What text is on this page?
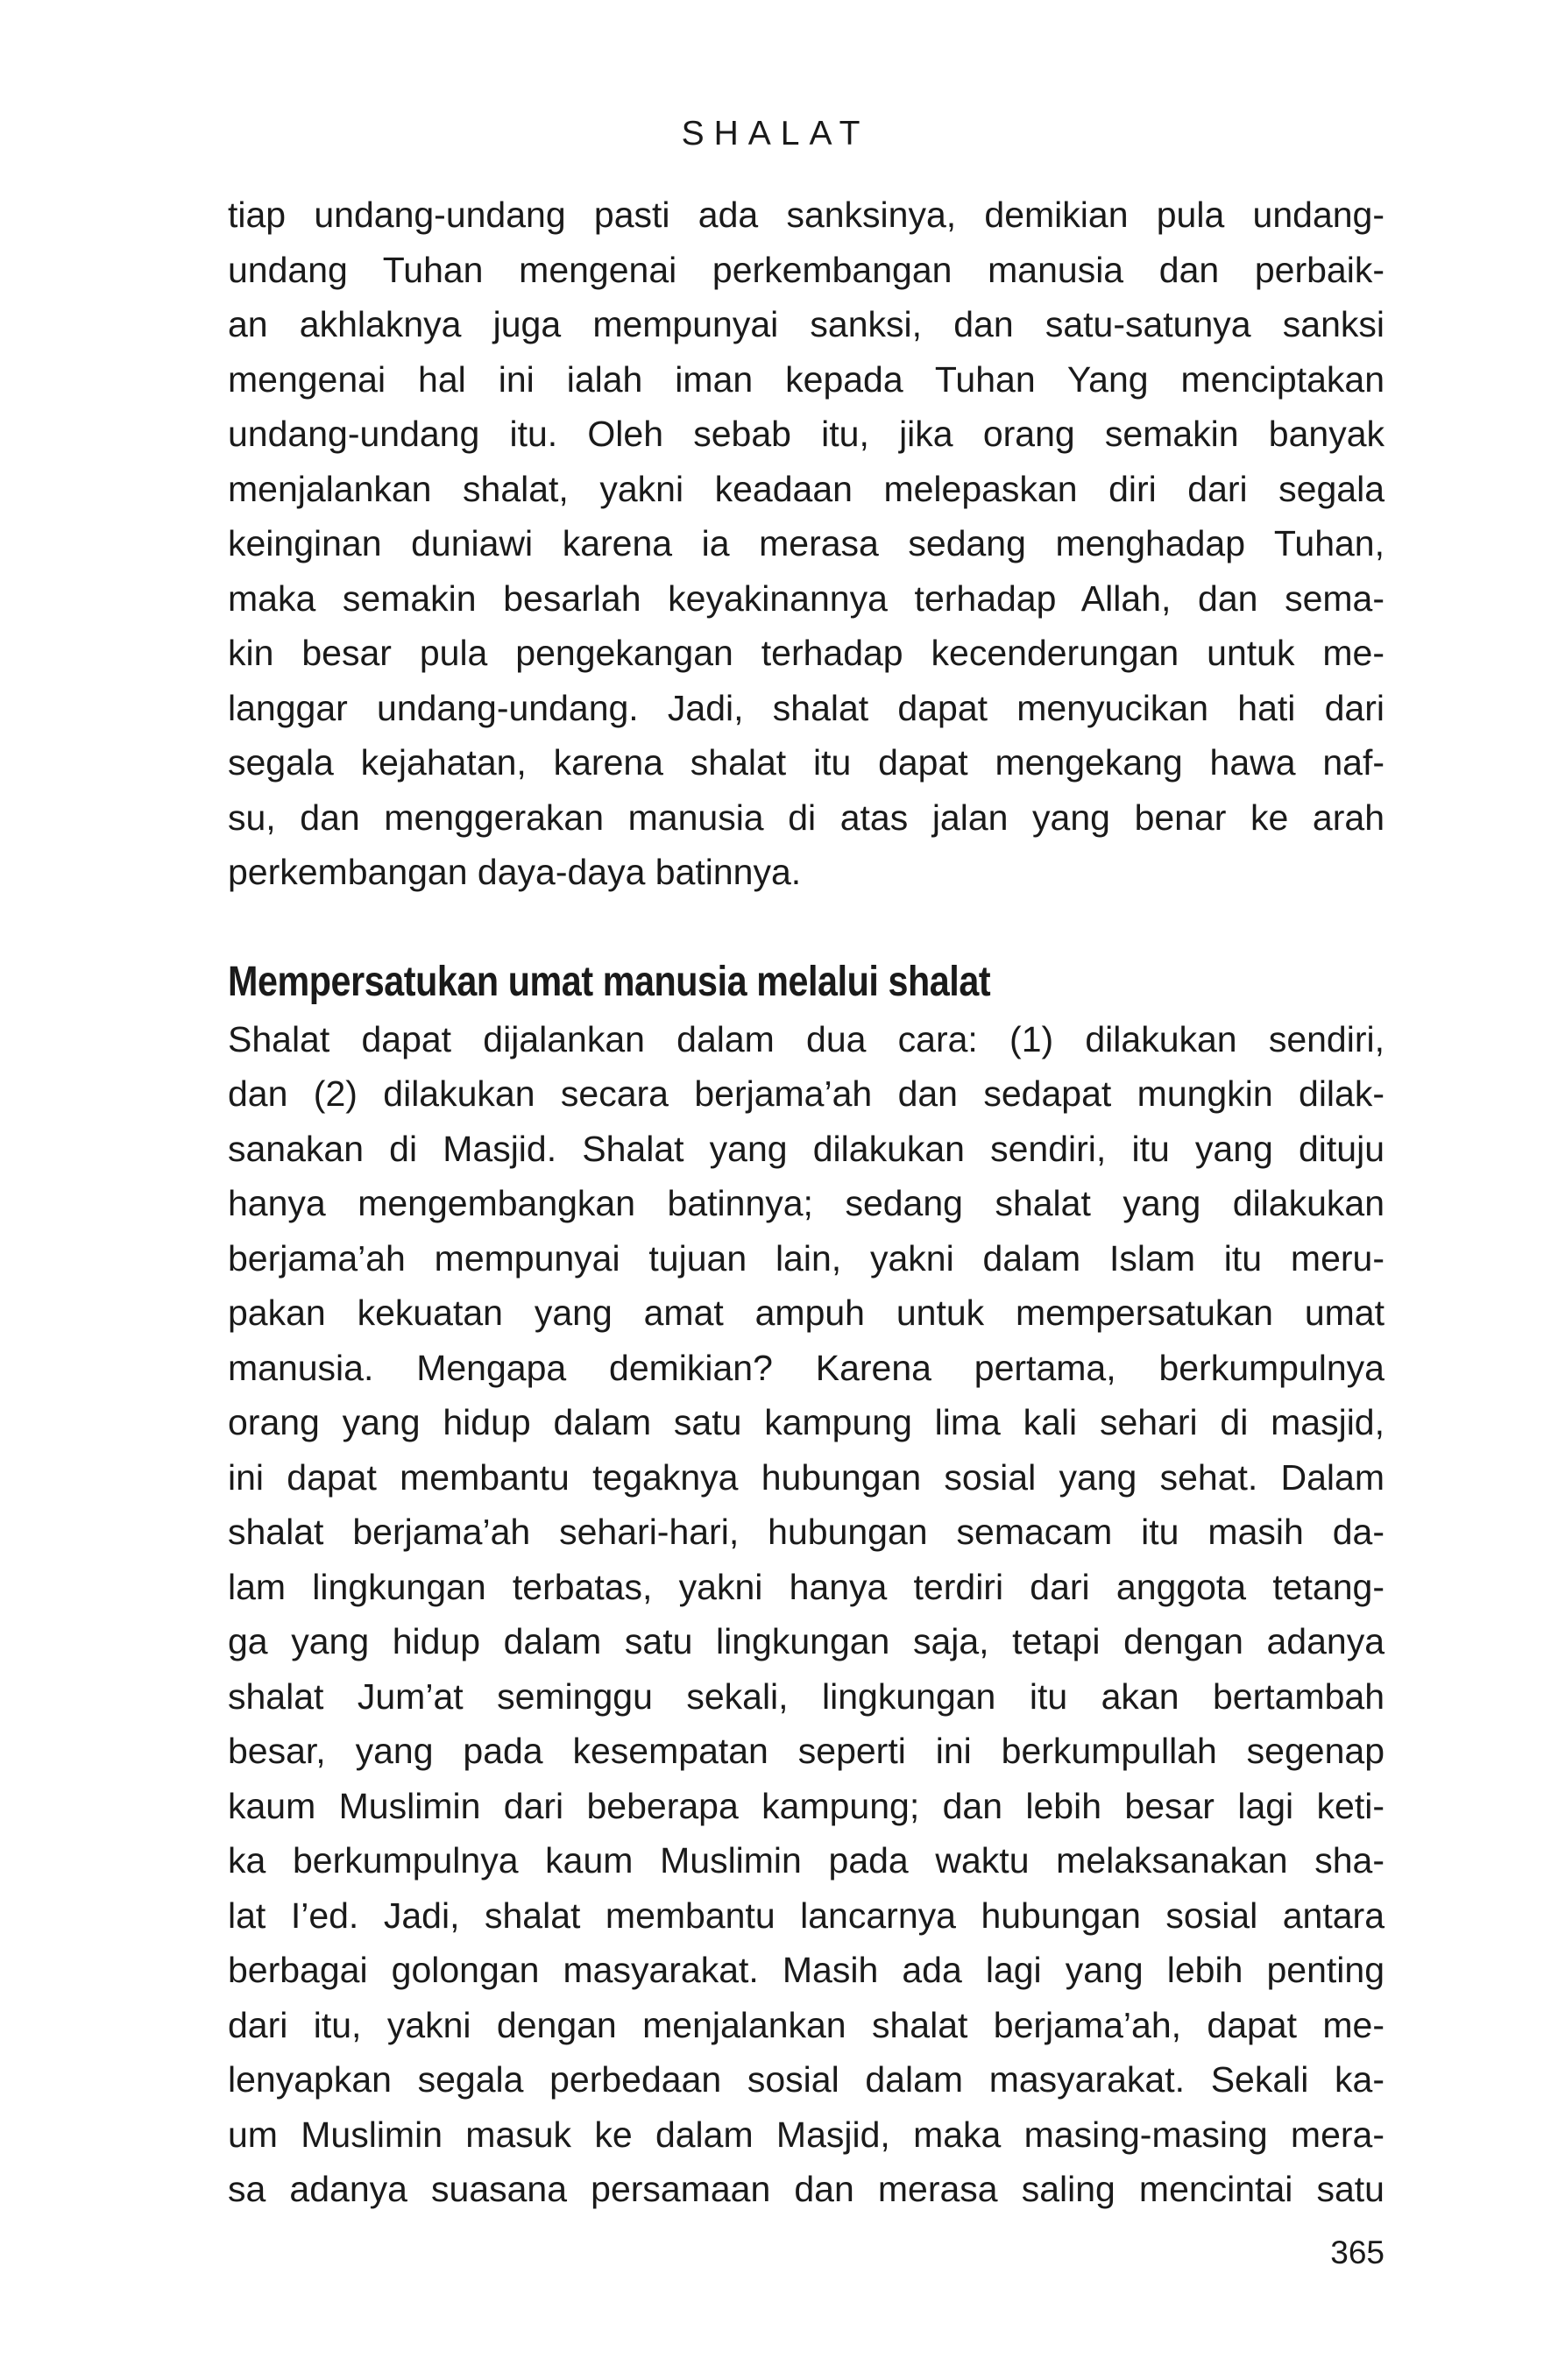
SHALAT
tiap undang-undang pasti ada sanksinya, demikian pula undang-
undang Tuhan mengenai perkembangan manusia dan perbaik-
an akhlaknya juga mempunyai sanksi, dan satu-satunya sanksi
mengenai hal ini ialah iman kepada Tuhan Yang menciptakan
undang-undang itu. Oleh sebab itu, jika orang semakin banyak
menjalankan shalat, yakni keadaan melepaskan diri dari segala
keinginan duniawi karena ia merasa sedang menghadap Tuhan,
maka semakin besarlah keyakinannya terhadap Allah, dan sema-
kin besar pula pengekangan terhadap kecenderungan untuk me-
langgar undang-undang. Jadi, shalat dapat menyucikan hati dari
segala kejahatan, karena shalat itu dapat mengekang hawa naf-
su, dan menggerakan manusia di atas jalan yang benar ke arah
perkembangan daya-daya batinnya.
Mempersatukan umat manusia melalui shalat
Shalat dapat dijalankan dalam dua cara: (1) dilakukan sendiri,
dan (2) dilakukan secara berjama’ah dan sedapat mungkin dilak-
sanakan di Masjid. Shalat yang dilakukan sendiri, itu yang dituju
hanya mengembangkan batinnya; sedang shalat yang dilakukan
berjama’ah mempunyai tujuan lain, yakni dalam Islam itu meru-
pakan kekuatan yang amat ampuh untuk mempersatukan umat
manusia. Mengapa demikian? Karena pertama, berkumpulnya
orang yang hidup dalam satu kampung lima kali sehari di masjid,
ini dapat membantu tegaknya hubungan sosial yang sehat. Dalam
shalat berjama’ah sehari-hari, hubungan semacam itu masih da-
lam lingkungan terbatas, yakni hanya terdiri dari anggota tetang-
ga yang hidup dalam satu lingkungan saja, tetapi dengan adanya
shalat Jum’at seminggu sekali, lingkungan itu akan bertambah
besar, yang pada kesempatan seperti ini berkumpullah segenap
kaum Muslimin dari beberapa kampung; dan lebih besar lagi keti-
ka berkumpulnya kaum Muslimin pada waktu melaksanakan sha-
lat I’ed. Jadi, shalat membantu lancarnya hubungan sosial antara
berbagai golongan masyarakat. Masih ada lagi yang lebih penting
dari itu, yakni dengan menjalankan shalat berjama’ah, dapat me-
lenyapkan segala perbedaan sosial dalam masyarakat. Sekali ka-
um Muslimin masuk ke dalam Masjid, maka masing-masing mera-
sa adanya suasana persamaan dan merasa saling mencintai satu
365
